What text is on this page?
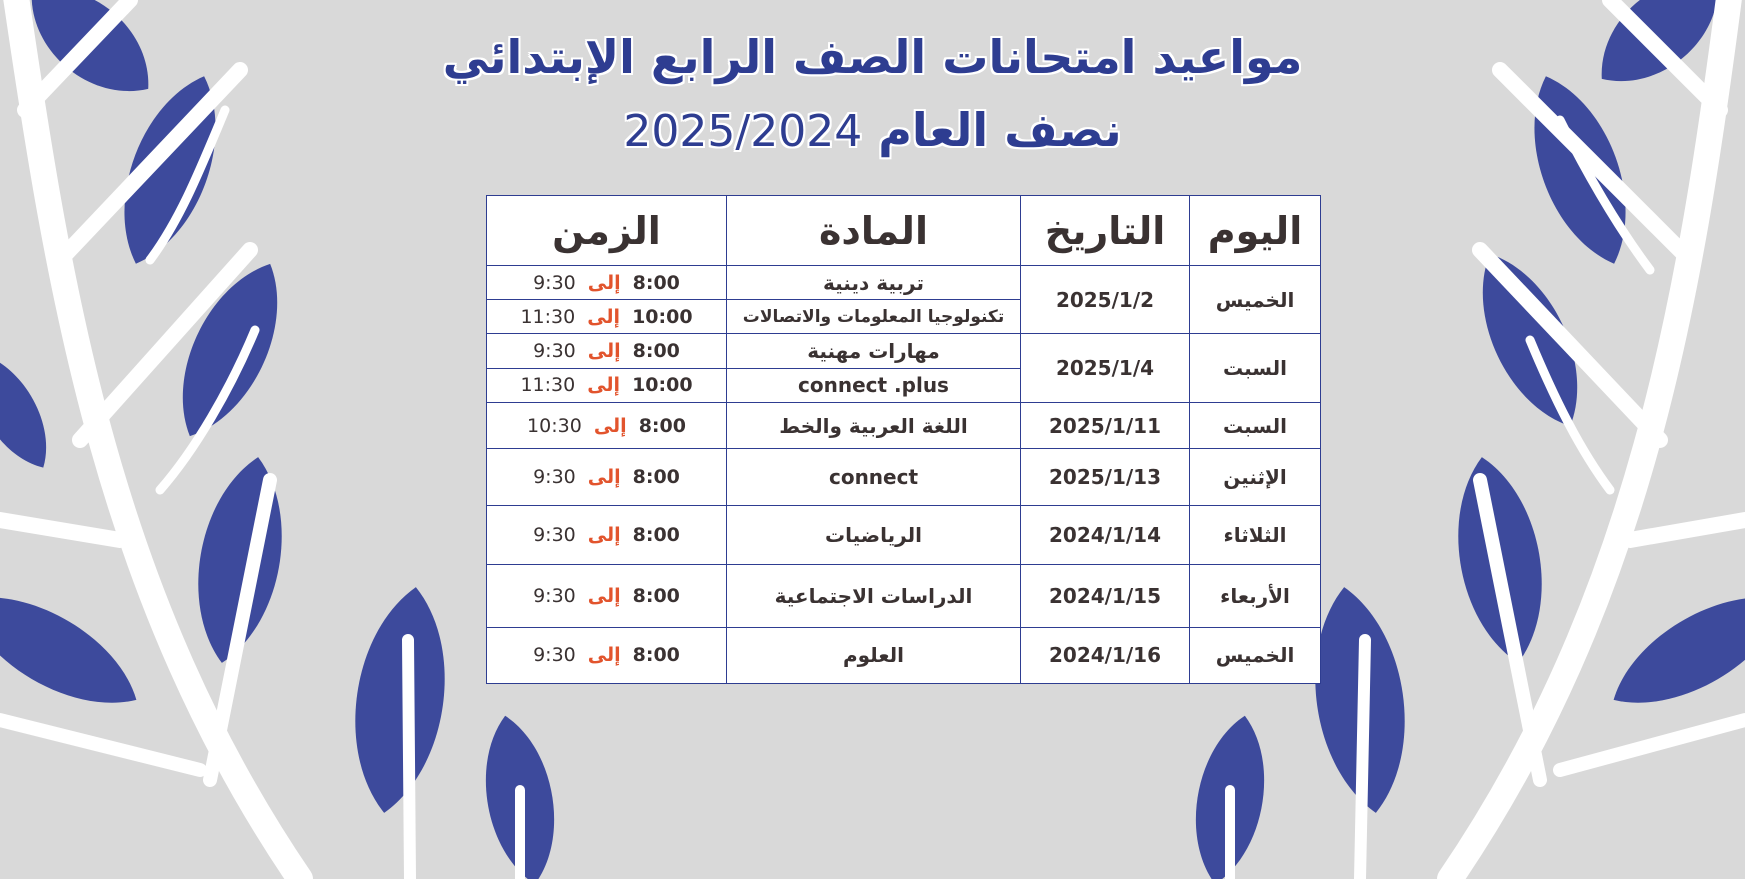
مواعيد امتحانات الصف الرابع الإبتدائي
نصف العام 2025/2024
اليوم	التاريخ	المادة	الزمن
الخميس	2025/1/2	تربية دينية	8:00إلى9:30
		تكنولوجيا المعلومات والاتصالات	10:00إلى11:30
السبت	2025/1/4	مهارات مهنية	8:00إلى9:30
		connect .plus	10:00إلى11:30
السبت	2025/1/11	اللغة العربية والخط	8:00إلى10:30
الإثنين	2025/1/13	connect	8:00إلى9:30
الثلاثاء	2024/1/14	الرياضيات	8:00إلى9:30
الأربعاء	2024/1/15	الدراسات الاجتماعية	8:00إلى9:30
الخميس	2024/1/16	العلوم	8:00إلى9:30
